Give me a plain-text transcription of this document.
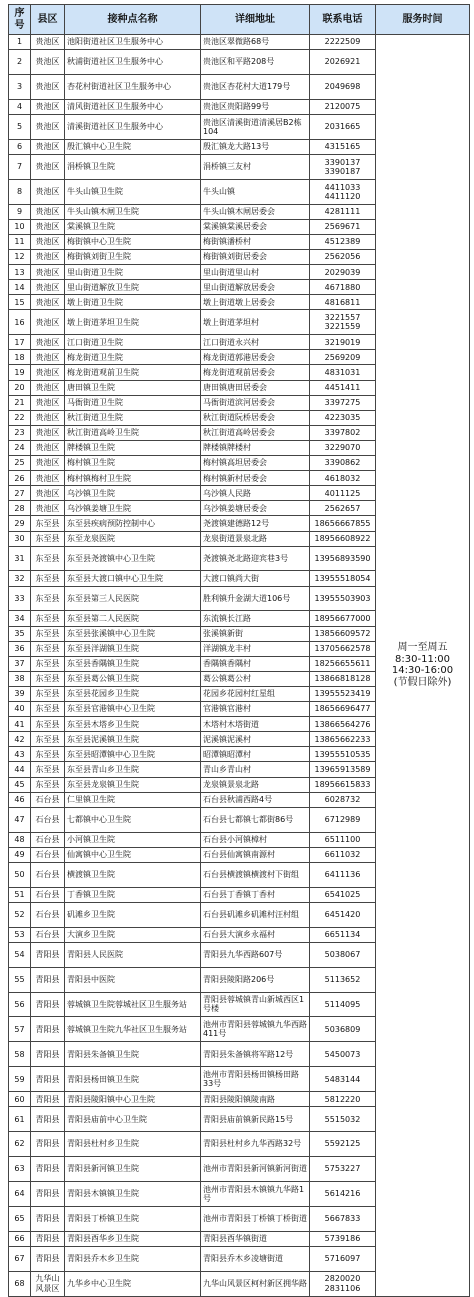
序号	县区	接种点名称	详细地址	联系电话	服务时间
1	贵池区	池阳街道社区卫生服务中心	贵池区翠微路68号	2222509	周一至周五
8:30-11:00
14:30-16:00
(节假日除外)
2	贵池区	秋浦街道社区卫生服务中心	贵池区和平路208号	2026921	
3	贵池区	杏花村街道社区卫生服务中心	贵池区杏花村大道179号	2049698	
4	贵池区	清风街道社区卫生服务中心	贵池区贵阳路99号	2120075	
5	贵池区	清溪街道社区卫生服务中心	贵池区清溪街道清溪居B2栋104	2031665	
6	贵池区	殷汇镇中心卫生院	殷汇镇龙大路13号	4315165	
7	贵池区	涓桥镇卫生院	涓桥镇三友村	3390137
3390187	
8	贵池区	牛头山镇卫生院	牛头山镇	4411033
4411120	
9	贵池区	牛头山镇木闸卫生院	牛头山镇木闸居委会	4281111	
10	贵池区	棠溪镇卫生院	棠溪镇棠溪居委会	2569671	
11	贵池区	梅街镇中心卫生院	梅街镇潘桥村	4512389	
12	贵池区	梅街镇刘街卫生院	梅街镇刘街居委会	2562056	
13	贵池区	里山街道卫生院	里山街道里山村	2029039	
14	贵池区	里山街道解放卫生院	里山街道解放居委会	4671880	
15	贵池区	墩上街道卫生院	墩上街道墩上居委会	4816811	
16	贵池区	墩上街道茅坦卫生院	墩上街道茅坦村	3221557
3221559	
17	贵池区	江口街道卫生院	江口街道永兴村	3219019	
18	贵池区	梅龙街道卫生院	梅龙街道郭港居委会	2569209	
19	贵池区	梅龙街道观前卫生院	梅龙街道观前居委会	4831031	
20	贵池区	唐田镇卫生院	唐田镇唐田居委会	4451411	
21	贵池区	马衙街道卫生院	马衙街道滨河居委会	3397275	
22	贵池区	秋江街道卫生院	秋江街道阮桥居委会	4223035	
23	贵池区	秋江街道高岭卫生院	秋江街道高岭居委会	3397802	
24	贵池区	牌楼镇卫生院	牌楼镇牌楼村	3229070	
25	贵池区	梅村镇卫生院	梅村镇高坦居委会	3390862	
26	贵池区	梅村镇梅村卫生院	梅村镇新村居委会	4618032	
27	贵池区	乌沙镇卫生院	乌沙镇人民路	4011125	
28	贵池区	乌沙镇姜塘卫生院	乌沙镇姜塘居委会	2562657	
29	东至县	东至县疾病预防控制中心	尧渡镇建德路12号	18656667855	
30	东至县	东至龙泉医院	龙泉街道景泉北路	18956608922	
31	东至县	东至县尧渡镇中心卫生院	尧渡镇尧北路迎宾巷3号	13956893590	
32	东至县	东至县大渡口镇中心卫生院	大渡口镇尚大街	13955518054	
33	东至县	东至县第三人民医院	胜利镇升金湖大道106号	13955503903	
34	东至县	东至县第二人民医院	东流镇长江路	18956677000	
35	东至县	东至县张溪镇中心卫生院	张溪镇新街	13856609572	
36	东至县	东至县洋湖镇卫生院	洋湖镇龙丰村	13705662578	
37	东至县	东至县香隅镇卫生院	香隅镇香隅村	18256655611	
38	东至县	东至县葛公镇卫生院	葛公镇葛公村	13866818128	
39	东至县	东至县花园乡卫生院	花园乡花园村红星组	13955523419	
40	东至县	东至县官港镇中心卫生院	官港镇官港村	18656696477	
41	东至县	东至县木塔乡卫生院	木塔村木塔街道	13866564276	
42	东至县	东至县泥溪镇卫生院	泥溪镇泥溪村	13865662233	
43	东至县	东至县昭潭镇中心卫生院	昭潭镇昭潭村	13955510535	
44	东至县	东至县青山乡卫生院	青山乡青山村	13965913589	
45	东至县	东至县龙泉镇卫生院	龙泉镇景泉北路	18956615833	
46	石台县	仁里镇卫生院	石台县秋浦西路4号	6028732	
47	石台县	七都镇中心卫生院	石台县七都镇七都街86号	6712989	
48	石台县	小河镇卫生院	石台县小河镇樟村	6511100	
49	石台县	仙寓镇中心卫生院	石台县仙寓镇南源村	6611032	
50	石台县	横渡镇卫生院	石台县横渡镇横渡村下街组	6411136	
51	石台县	丁香镇卫生院	石台县丁香镇丁香村	6541025	
52	石台县	矶滩乡卫生院	石台县矶滩乡矶滩村汪村组	6451420	
53	石台县	大演乡卫生院	石台县大演乡永福村	6651134	
54	青阳县	青阳县人民医院	青阳县九华西路607号	5038067	
55	青阳县	青阳县中医院	青阳县陵阳路206号	5113652	
56	青阳县	蓉城镇卫生院蓉城社区卫生服务站	青阳县蓉城镇青山新城西区1号楼	5114095	
57	青阳县	蓉城镇卫生院九华社区卫生服务站	池州市青阳县蓉城镇九华西路411号	5036809	
58	青阳县	青阳县朱备镇卫生院	青阳县朱备镇将军路12号	5450073	
59	青阳县	青阳县杨田镇卫生院	池州市青阳县杨田镇杨田路33号	5483144	
60	青阳县	青阳县陵阳镇中心卫生院	青阳县陵阳镇陵南路	5812220	
61	青阳县	青阳县庙前中心卫生院	青阳县庙前镇新民路15号	5515032	
62	青阳县	青阳县杜村乡卫生院	青阳县杜村乡九华西路32号	5592125	
63	青阳县	青阳县新河镇卫生院	池州市青阳县新河镇新河街道	5753227	
64	青阳县	青阳县木镇镇卫生院	池州市青阳县木镇镇九华路1号	5614216	
65	青阳县	青阳县丁桥镇卫生院	池州市青阳县丁桥镇丁桥街道	5667833	
66	青阳县	青阳县酉华乡卫生院	青阳县酉华镇街道	5739186	
67	青阳县	青阳县乔木乡卫生院	青阳县乔木乡凌塘街道	5716097	
68	九华山风景区	九华乡中心卫生院	九华山风景区柯村新区拥华路	2820020
2831106	
